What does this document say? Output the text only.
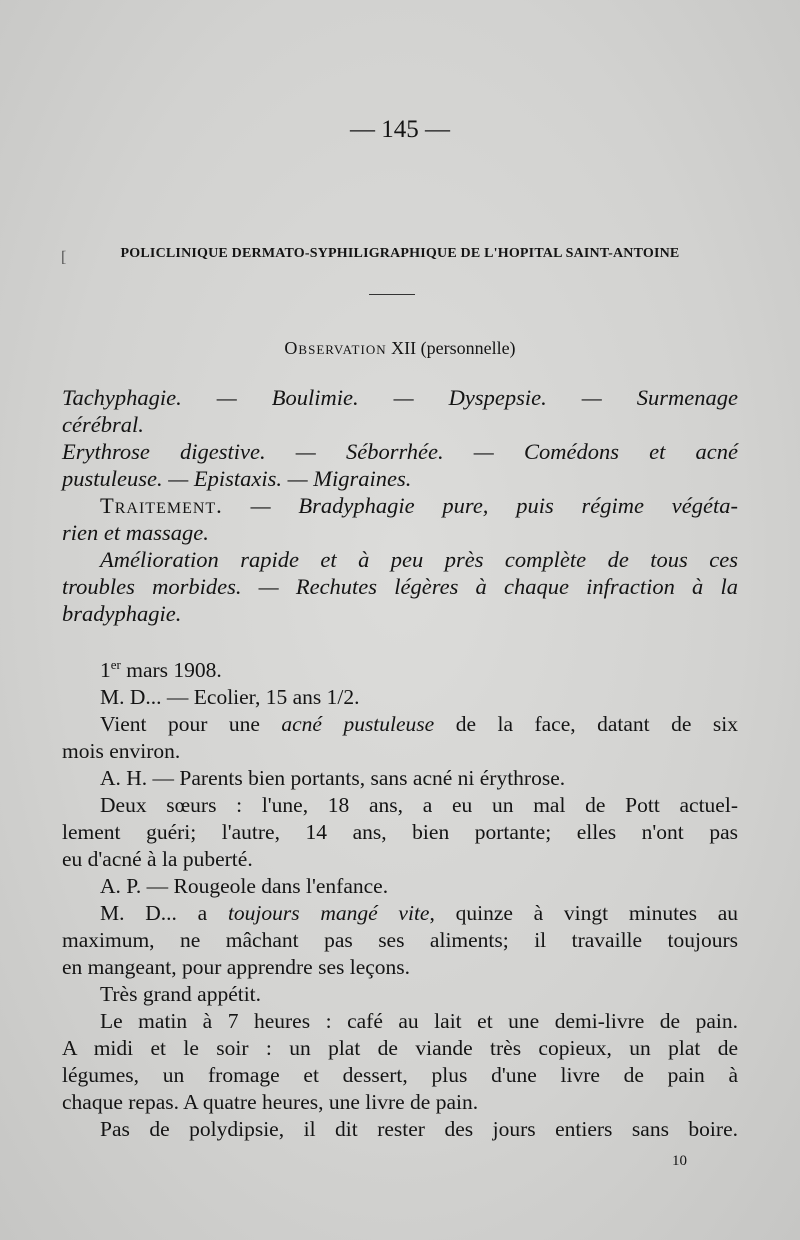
— 145 —
[	POLICLINIQUE DERMATO-SYPHILIGRAPHIQUE DE L'HOPITAL SAINT-ANTOINE
Observation XII (personnelle)
Tachyphagie. — Boulimie. — Dyspepsie. — Surmenage
cérébral.
Erythrose digestive. — Séborrhée. — Comédons et acné
pustuleuse. — Epistaxis. — Migraines.
Traitement. — Bradyphagie pure, puis régime végéta-
rien et massage.
Amélioration rapide et à peu près complète de tous ces
troubles morbides. — Rechutes légères à chaque infraction à la
bradyphagie.
1er mars 1908.
M. D... — Ecolier, 15 ans 1/2.
Vient pour une acné pustuleuse de la face, datant de six
mois environ.
A. H. — Parents bien portants, sans acné ni érythrose.
Deux sœurs : l'une, 18 ans, a eu un mal de Pott actuel-
lement guéri; l'autre, 14 ans, bien portante; elles n'ont pas
eu d'acné à la puberté.
A. P. — Rougeole dans l'enfance.
M. D... a toujours mangé vite, quinze à vingt minutes au
maximum, ne mâchant pas ses aliments; il travaille toujours
en mangeant, pour apprendre ses leçons.
Très grand appétit.
Le matin à 7 heures : café au lait et une demi-livre de pain.
A midi et le soir : un plat de viande très copieux, un plat de
légumes, un fromage et dessert, plus d'une livre de pain à
chaque repas. A quatre heures, une livre de pain.
Pas de polydipsie, il dit rester des jours entiers sans boire.
10
